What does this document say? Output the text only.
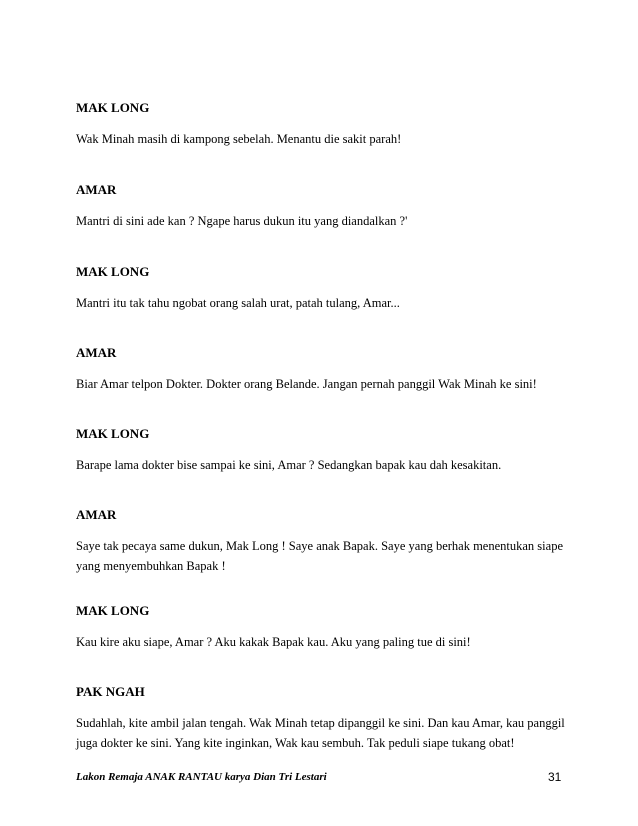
MAK LONG

Wak Minah masih di kampong sebelah. Menantu die sakit parah!

AMAR

Mantri di sini ade kan ? Ngape harus dukun itu yang diandalkan ?'

MAK LONG

Mantri itu tak tahu ngobat orang salah urat, patah tulang, Amar...

AMAR

Biar Amar telpon Dokter. Dokter orang Belande. Jangan pernah panggil Wak Minah ke sini!

MAK LONG

Barape lama dokter bise sampai ke sini, Amar ? Sedangkan bapak kau dah kesakitan.

AMAR

Saye tak pecaya same dukun, Mak Long ! Saye anak Bapak. Saye yang berhak menentukan siape yang menyembuhkan Bapak !

MAK LONG

Kau kire aku siape, Amar ? Aku kakak Bapak kau. Aku yang paling tue di sini!

PAK NGAH

Sudahlah, kite ambil jalan tengah. Wak Minah tetap dipanggil ke sini. Dan kau Amar, kau panggil juga dokter ke sini. Yang kite inginkan, Wak kau sembuh. Tak peduli siape tukang obat!

Lakon Remaja ANAK RANTAU karya Dian Tri Lestari	31
